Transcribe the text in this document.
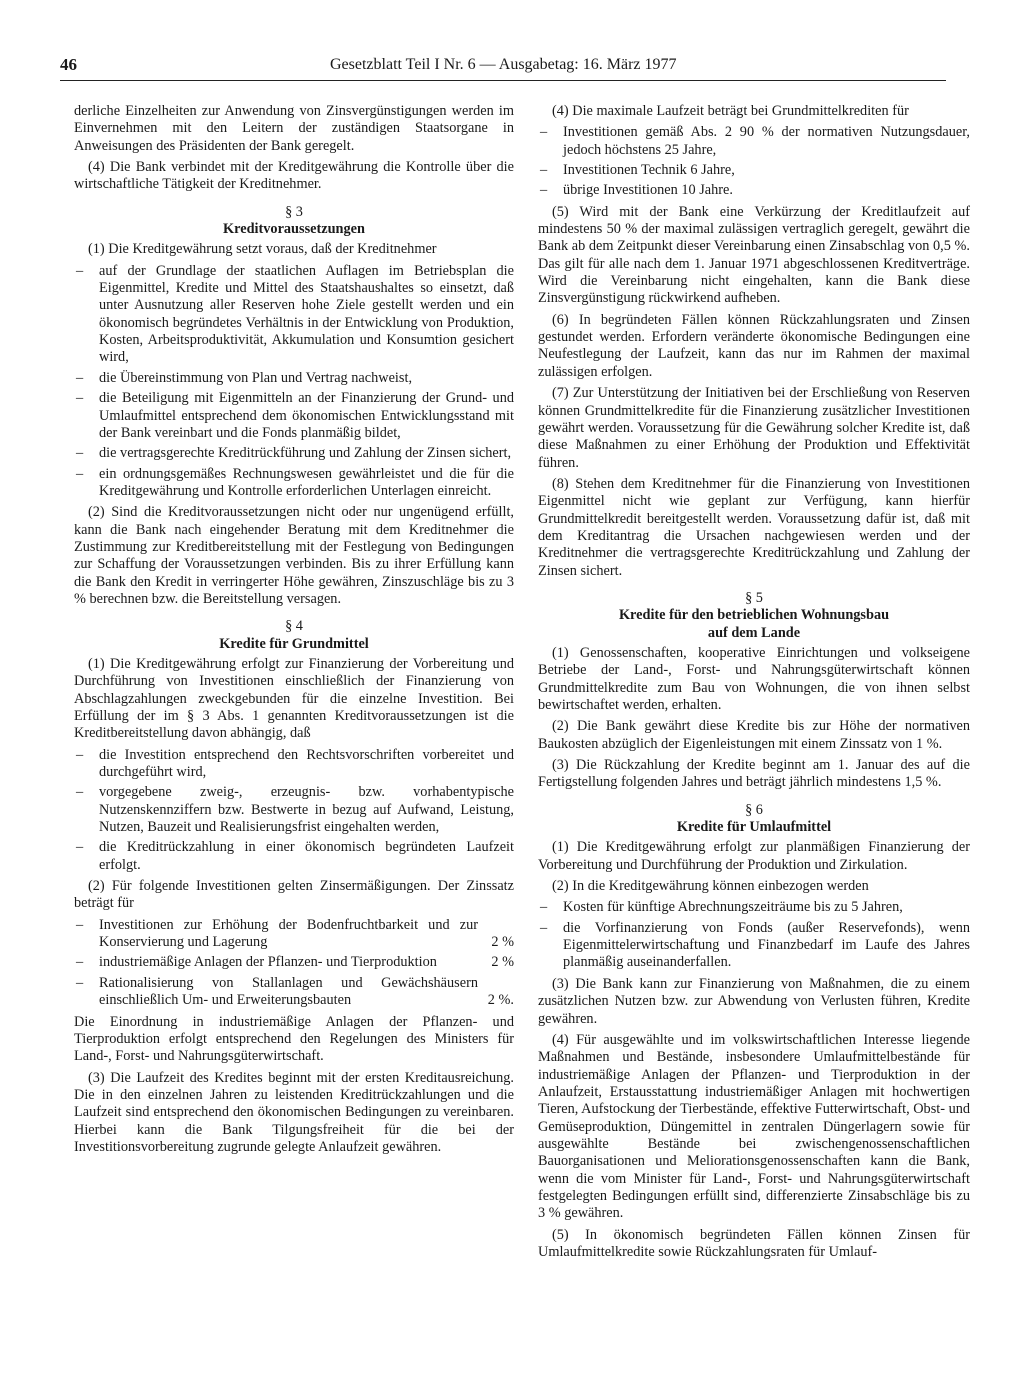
46	Gesetzblatt Teil I Nr. 6 — Ausgabetag: 16. März 1977

derliche Einzelheiten zur Anwendung von Zinsvergünstigungen werden im Einvernehmen mit den Leitern der zuständigen Staatsorgane in Anweisungen des Präsidenten der Bank geregelt.

(4) Die Bank verbindet mit der Kreditgewährung die Kontrolle über die wirtschaftliche Tätigkeit der Kreditnehmer.

§ 3
Kreditvoraussetzungen

(1) Die Kreditgewährung setzt voraus, daß der Kreditnehmer

– auf der Grundlage der staatlichen Auflagen im Betriebsplan die Eigenmittel, Kredite und Mittel des Staatshaushaltes so einsetzt, daß unter Ausnutzung aller Reserven hohe Ziele gestellt werden und ein ökonomisch begründetes Verhältnis in der Entwicklung von Produktion, Kosten, Arbeitsproduktivität, Akkumulation und Konsumtion gesichert wird,
– die Übereinstimmung von Plan und Vertrag nachweist,
– die Beteiligung mit Eigenmitteln an der Finanzierung der Grund- und Umlaufmittel entsprechend dem ökonomischen Entwicklungsstand mit der Bank vereinbart und die Fonds planmäßig bildet,
– die vertragsgerechte Kreditrückführung und Zahlung der Zinsen sichert,
– ein ordnungsgemäßes Rechnungswesen gewährleistet und die für die Kreditgewährung und Kontrolle erforderlichen Unterlagen einreicht.

(2) Sind die Kreditvoraussetzungen nicht oder nur ungenügend erfüllt, kann die Bank nach eingehender Beratung mit dem Kreditnehmer die Zustimmung zur Kreditbereitstellung mit der Festlegung von Bedingungen zur Schaffung der Voraussetzungen verbinden. Bis zu ihrer Erfüllung kann die Bank den Kredit in verringerter Höhe gewähren, Zinszuschläge bis zu 3 % berechnen bzw. die Bereitstellung versagen.

§ 4
Kredite für Grundmittel

(1) Die Kreditgewährung erfolgt zur Finanzierung der Vorbereitung und Durchführung von Investitionen einschließlich der Finanzierung von Abschlagzahlungen zweckgebunden für die einzelne Investition. Bei Erfüllung der im § 3 Abs. 1 genannten Kreditvoraussetzungen ist die Kreditbereitstellung davon abhängig, daß

– die Investition entsprechend den Rechtsvorschriften vorbereitet und durchgeführt wird,
– vorgegebene zweig-, erzeugnis- bzw. vorhabentypische Nutzenskennziffern bzw. Bestwerte in bezug auf Aufwand, Leistung, Nutzen, Bauzeit und Realisierungsfrist eingehalten werden,
– die Kreditrückzahlung in einer ökonomisch begründeten Laufzeit erfolgt.

(2) Für folgende Investitionen gelten Zinsermäßigungen. Der Zinssatz beträgt für

– Investitionen zur Erhöhung der Bodenfruchtbarkeit und zur Konservierung und Lagerung	2 %
– industriemäßige Anlagen der Pflanzen- und Tierproduktion	2 %
– Rationalisierung von Stallanlagen und Gewächshäusern einschließlich Um- und Erweiterungsbauten	2 %.

Die Einordnung in industriemäßige Anlagen der Pflanzen- und Tierproduktion erfolgt entsprechend den Regelungen des Ministers für Land-, Forst- und Nahrungsgüterwirtschaft.

(3) Die Laufzeit des Kredites beginnt mit der ersten Kreditausreichung. Die in den einzelnen Jahren zu leistenden Kreditrückzahlungen und die Laufzeit sind entsprechend den ökonomischen Bedingungen zu vereinbaren. Hierbei kann die Bank Tilgungsfreiheit für die bei der Investitionsvorbereitung zugrunde gelegte Anlaufzeit gewähren.

(4) Die maximale Laufzeit beträgt bei Grundmittelkrediten für

– Investitionen gemäß Abs. 2 90 % der normativen Nutzungsdauer, jedoch höchstens 25 Jahre,
– Investitionen Technik 6 Jahre,
– übrige Investitionen 10 Jahre.

(5) Wird mit der Bank eine Verkürzung der Kreditlaufzeit auf mindestens 50 % der maximal zulässigen vertraglich geregelt, gewährt die Bank ab dem Zeitpunkt dieser Vereinbarung einen Zinsabschlag von 0,5 %. Das gilt für alle nach dem 1. Januar 1971 abgeschlossenen Kreditverträge. Wird die Vereinbarung nicht eingehalten, kann die Bank diese Zinsvergünstigung rückwirkend aufheben.

(6) In begründeten Fällen können Rückzahlungsraten und Zinsen gestundet werden. Erfordern veränderte ökonomische Bedingungen eine Neufestlegung der Laufzeit, kann das nur im Rahmen der maximal zulässigen erfolgen.

(7) Zur Unterstützung der Initiativen bei der Erschließung von Reserven können Grundmittelkredite für die Finanzierung zusätzlicher Investitionen gewährt werden. Voraussetzung für die Gewährung solcher Kredite ist, daß diese Maßnahmen zu einer Erhöhung der Produktion und Effektivität führen.

(8) Stehen dem Kreditnehmer für die Finanzierung von Investitionen Eigenmittel nicht wie geplant zur Verfügung, kann hierfür Grundmittelkredit bereitgestellt werden. Voraussetzung dafür ist, daß mit dem Kreditantrag die Ursachen nachgewiesen werden und der Kreditnehmer die vertragsgerechte Kreditrückzahlung und Zahlung der Zinsen sichert.

§ 5
Kredite für den betrieblichen Wohnungsbau
auf dem Lande

(1) Genossenschaften, kooperative Einrichtungen und volkseigene Betriebe der Land-, Forst- und Nahrungsgüterwirtschaft können Grundmittelkredite zum Bau von Wohnungen, die von ihnen selbst bewirtschaftet werden, erhalten.

(2) Die Bank gewährt diese Kredite bis zur Höhe der normativen Baukosten abzüglich der Eigenleistungen mit einem Zinssatz von 1 %.

(3) Die Rückzahlung der Kredite beginnt am 1. Januar des auf die Fertigstellung folgenden Jahres und beträgt jährlich mindestens 1,5 %.

§ 6
Kredite für Umlaufmittel

(1) Die Kreditgewährung erfolgt zur planmäßigen Finanzierung der Vorbereitung und Durchführung der Produktion und Zirkulation.

(2) In die Kreditgewährung können einbezogen werden

– Kosten für künftige Abrechnungszeiträume bis zu 5 Jahren,
– die Vorfinanzierung von Fonds (außer Reservefonds), wenn Eigenmittelerwirtschaftung und Finanzbedarf im Laufe des Jahres planmäßig auseinanderfallen.

(3) Die Bank kann zur Finanzierung von Maßnahmen, die zu einem zusätzlichen Nutzen bzw. zur Abwendung von Verlusten führen, Kredite gewähren.

(4) Für ausgewählte und im volkswirtschaftlichen Interesse liegende Maßnahmen und Bestände, insbesondere Umlaufmittelbestände für industriemäßige Anlagen der Pflanzen- und Tierproduktion in der Anlaufzeit, Erstausstattung industriemäßiger Anlagen mit hochwertigen Tieren, Aufstockung der Tierbestände, effektive Futterwirtschaft, Obst- und Gemüseproduktion, Düngemittel in zentralen Düngerlagern sowie für ausgewählte Bestände bei zwischengenossenschaftlichen Bauorganisationen und Meliorationsgenossenschaften kann die Bank, wenn die vom Minister für Land-, Forst- und Nahrungsgüterwirtschaft festgelegten Bedingungen erfüllt sind, differenzierte Zinsabschläge bis zu 3 % gewähren.

(5) In ökonomisch begründeten Fällen können Zinsen für Umlaufmittelkredite sowie Rückzahlungsraten für Umlauf-
